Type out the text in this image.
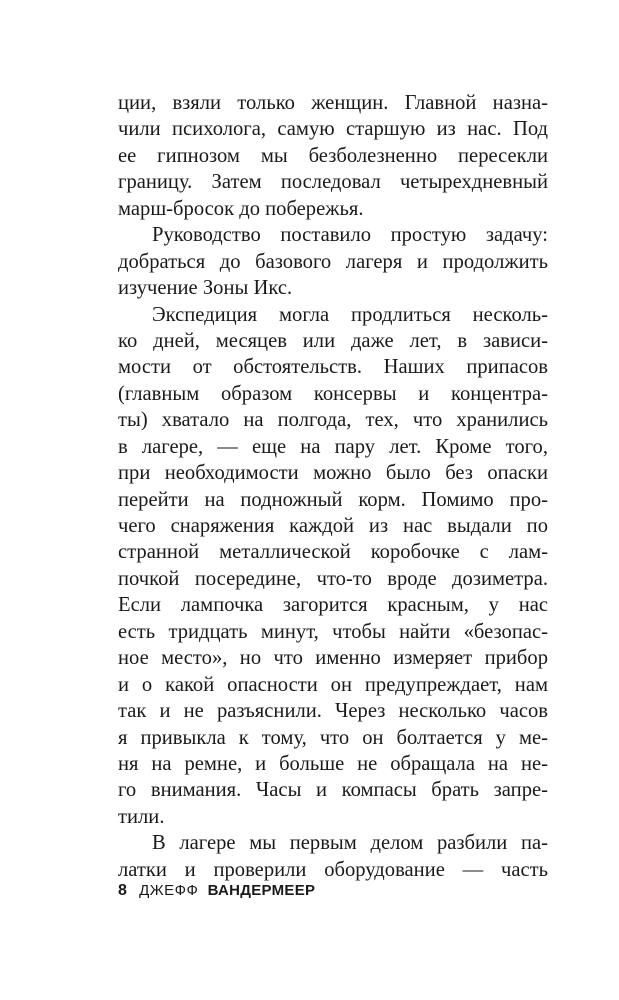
ции, взяли только женщин. Главной назна-
чили психолога, самую старшую из нас. Под
ее гипнозом мы безболезненно пересекли
границу. Затем последовал четырехдневный
марш-бросок до побережья.
Руководство поставило простую задачу:
добраться до базового лагеря и продолжить
изучение Зоны Икс.
Экспедиция могла продлиться несколь-
ко дней, месяцев или даже лет, в зависи-
мости от обстоятельств. Наших припасов
(главным образом консервы и концентра-
ты) хватало на полгода, тех, что хранились
в лагере, — еще на пару лет. Кроме того,
при необходимости можно было без опаски
перейти на подножный корм. Помимо про-
чего снаряжения каждой из нас выдали по
странной металлической коробочке с лам-
почкой посередине, что-то вроде дозиметра.
Если лампочка загорится красным, у нас
есть тридцать минут, чтобы найти «безопас-
ное место», но что именно измеряет прибор
и о какой опасности он предупреждает, нам
так и не разъяснили. Через несколько часов
я привыкла к тому, что он болтается у ме-
ня на ремне, и больше не обращала на не-
го внимания. Часы и компасы брать запре-
тили.
В лагере мы первым делом разбили па-
латки и проверили оборудование — часть
8 ДЖЕФФ ВАНДЕРМЕЕР
